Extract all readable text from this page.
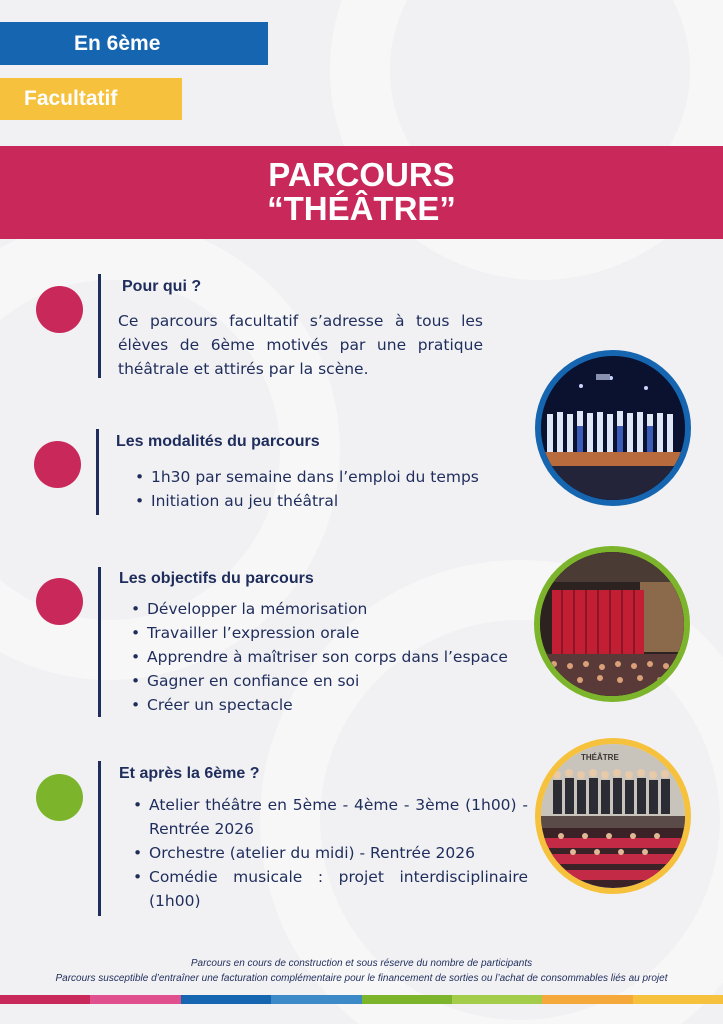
En 6ème
Facultatif
PARCOURS
“THÉÂTRE”
Pour qui ?
Ce parcours facultatif s’adresse à tous les élèves de 6ème motivés par une pratique théâtrale et attirés par la scène.
Les modalités du parcours
• 1h30 par semaine dans l’emploi du temps
• Initiation au jeu théâtral
Les objectifs du parcours
• Développer la mémorisation
• Travailler l’expression orale
• Apprendre à maîtriser son corps dans l’espace
• Gagner en confiance en soi
• Créer un spectacle
Et après la 6ème ?
• Atelier théâtre en 5ème - 4ème - 3ème (1h00) - Rentrée 2026
• Orchestre (atelier du midi) - Rentrée 2026
• Comédie musicale : projet interdisciplinaire (1h00)
THÉÂTRE
Parcours en cours de construction et sous réserve du nombre de participants
Parcours susceptible d’entraîner une facturation complémentaire pour le financement de sorties ou l’achat de consommables liés au projet
